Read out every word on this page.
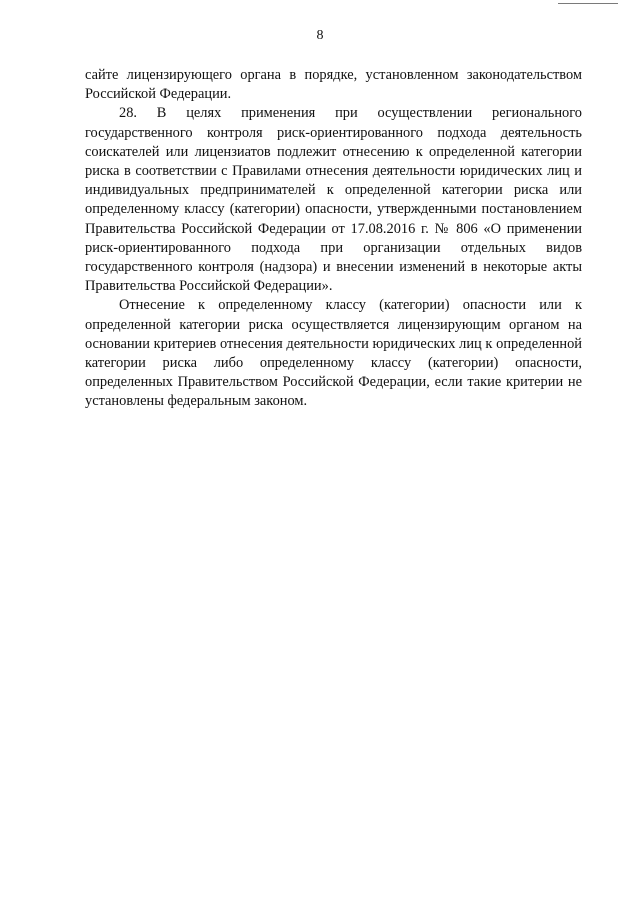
8

сайте лицензирующего органа в порядке, установленном законодательством Российской Федерации.

28. В целях применения при осуществлении регионального государственного контроля риск-ориентированного подхода деятельность соискателей или лицензиатов подлежит отнесению к определенной категории риска в соответствии с Правилами отнесения деятельности юридических лиц и индивидуальных предпринимателей к определенной категории риска или определенному классу (категории) опасности, утвержденными постановлением Правительства Российской Федерации от 17.08.2016 г. № 806 «О применении риск-ориентированного подхода при организации отдельных видов государственного контроля (надзора) и внесении изменений в некоторые акты Правительства Российской Федерации».

Отнесение к определенному классу (категории) опасности или к определенной категории риска осуществляется лицензирующим органом на основании критериев отнесения деятельности юридических лиц к определенной категории риска либо определенному классу (категории) опасности, определенных Правительством Российской Федерации, если такие критерии не установлены федеральным законом.
